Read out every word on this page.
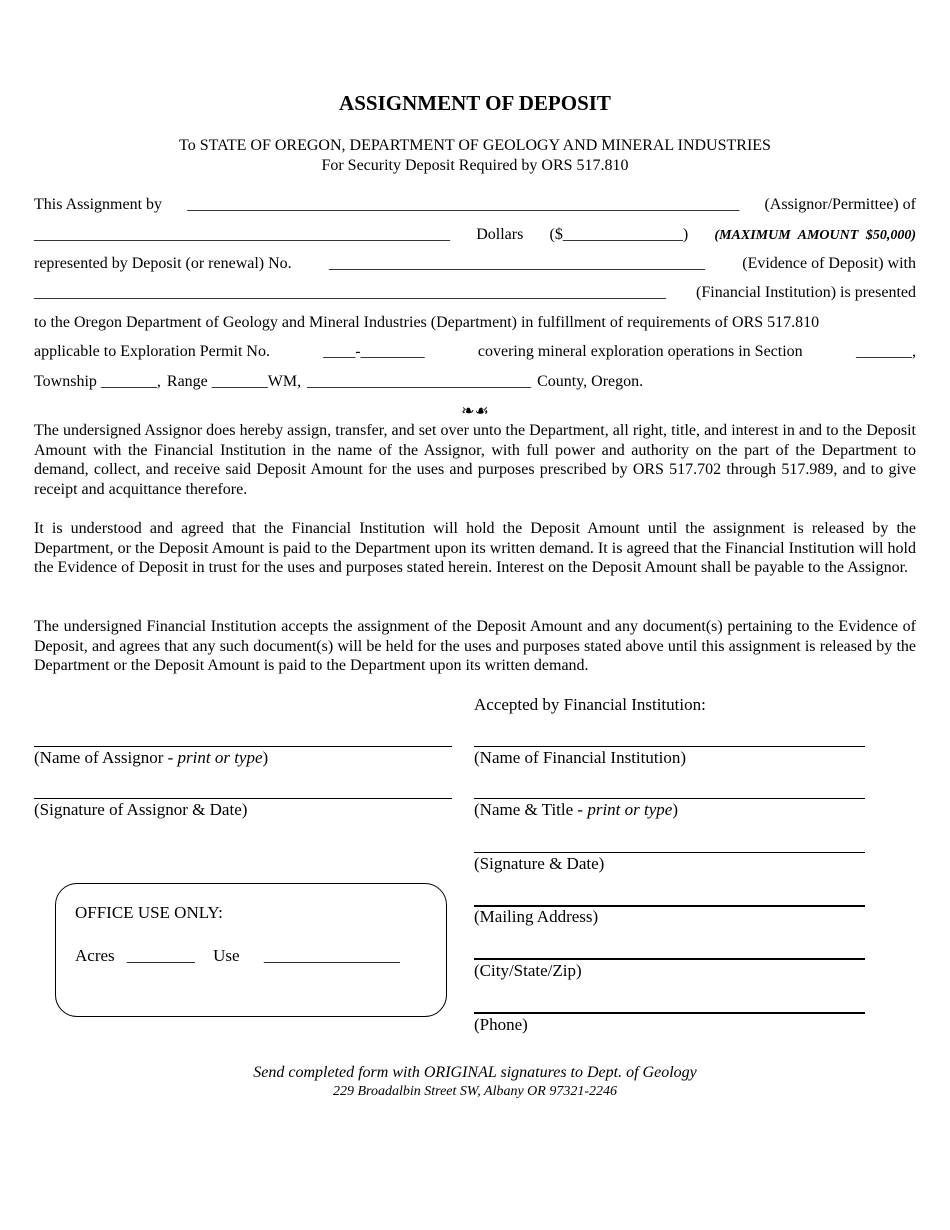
ASSIGNMENT OF DEPOSIT
To STATE OF OREGON, DEPARTMENT OF GEOLOGY AND MINERAL INDUSTRIES
For Security Deposit Required by ORS 517.810
This Assignment by _____________________________________________________________________ (Assignor/Permittee) of
____________________________________________________ Dollars ($_______________) (MAXIMUM AMOUNT $50,000)
represented by Deposit (or renewal) No. _______________________________________________ (Evidence of Deposit) with
_______________________________________________________________________________ (Financial Institution) is presented
to the Oregon Department of Geology and Mineral Industries (Department) in fulfillment of requirements of ORS 517.810
applicable to Exploration Permit No.	____-________	covering mineral exploration operations in Section	_______,
Township _______, Range _______WM, ____________________________ County, Oregon.
❧☙
The undersigned Assignor does hereby assign, transfer, and set over unto the Department, all right, title, and interest in and to the Deposit Amount with the Financial Institution in the name of the Assignor, with full power and authority on the part of the Department to demand, collect, and receive said Deposit Amount for the uses and purposes prescribed by ORS 517.702 through 517.989, and to give receipt and acquittance therefore.
It is understood and agreed that the Financial Institution will hold the Deposit Amount until the assignment is released by the Department, or the Deposit Amount is paid to the Department upon its written demand. It is agreed that the Financial Institution will hold the Evidence of Deposit in trust for the uses and purposes stated herein. Interest on the Deposit Amount shall be payable to the Assignor.
The undersigned Financial Institution accepts the assignment of the Deposit Amount and any document(s) pertaining to the Evidence of Deposit, and agrees that any such document(s) will be held for the uses and purposes stated above until this assignment is released by the Department or the Deposit Amount is paid to the Department upon its written demand.
Accepted by Financial Institution:
(Name of Assignor - print or type)
(Signature of Assignor & Date)
(Name of Financial Institution)
(Name & Title - print or type)
(Signature & Date)
(Mailing Address)
(City/State/Zip)
(Phone)
OFFICE USE ONLY:
Acres ________ Use ________________
Send completed form with ORIGINAL signatures to Dept. of Geology
229 Broadalbin Street SW, Albany OR 97321-2246
